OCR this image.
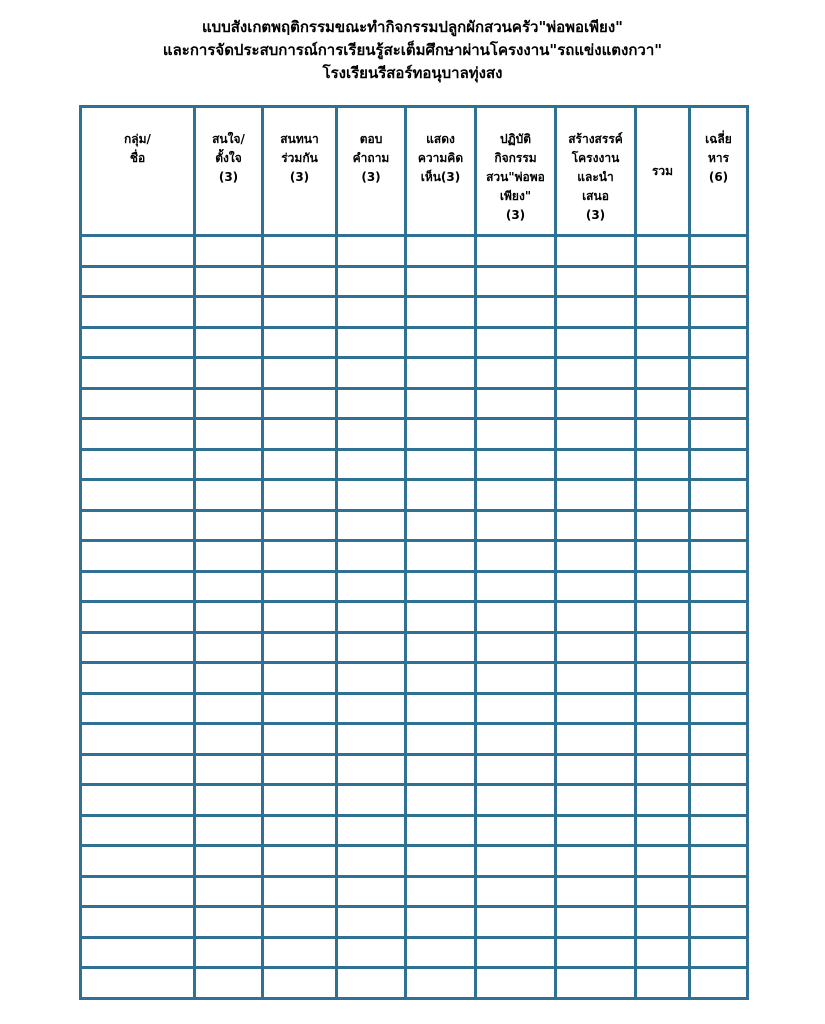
แบบสังเกตพฤติกรรมขณะทำกิจกรรมปลูกผักสวนครัว"พ่อพอเพียง"
และการจัดประสบการณ์การเรียนรู้สะเต็มศึกษาผ่านโครงงาน"รถแข่งแตงกวา"
โรงเรียนรีสอร์ทอนุบาลทุ่งสง
กลุ่ม/
ชื่อ	สนใจ/
ตั้งใจ
(3)	สนทนา
ร่วมกัน
(3)	ตอบ
คำถาม
(3)	แสดง
ความคิด
เห็น(3)	ปฏิบัติ
กิจกรรม
สวน"พ่อพอ
เพียง"
(3)	สร้างสรรค์
โครงงาน
และนำ
เสนอ
(3)	รวม	เฉลี่ย
หาร
(6)
